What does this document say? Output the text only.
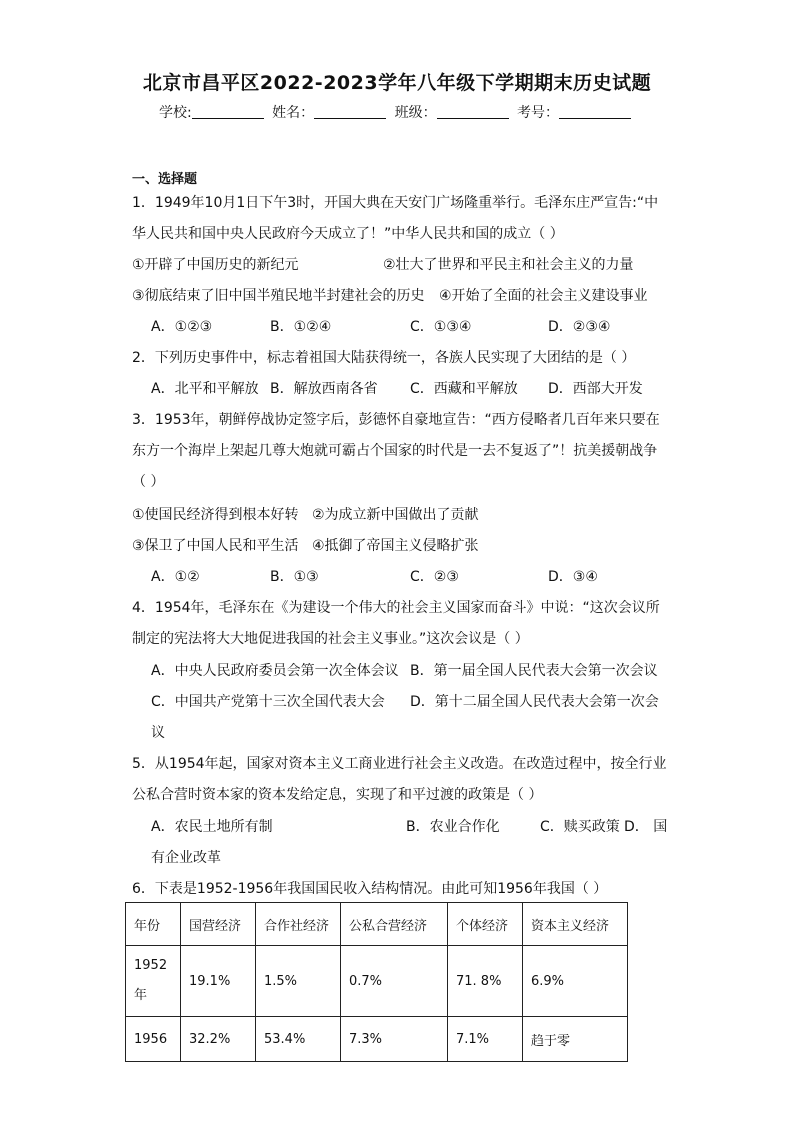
北京市昌平区2022-2023学年八年级下学期期末历史试题
学校:	姓名：	班级：	考号：
一、选择题
1．1949年10月1日下午3时，开国大典在天安门广场隆重举行。毛泽东庄严宣告:“中
华人民共和国中央人民政府今天成立了！”中华人民共和国的成立（ ）
①开辟了中国历史的新纪元	②壮大了世界和平民主和社会主义的力量
③彻底结束了旧中国半殖民地半封建社会的历史 ④开始了全面的社会主义建设事业
A．①②③	B．①②④	C．①③④	D．②③④
2．下列历史事件中，标志着祖国大陆获得统一，各族人民实现了大团结的是（ ）
A．北平和平解放 B．解放西南各省 C．西藏和平解放 D．西部大开发
3．1953年，朝鲜停战协定签字后，彭德怀自豪地宣告：“西方侵略者几百年来只要在
东方一个海岸上架起几尊大炮就可霸占个国家的时代是一去不复返了”！抗美援朝战争
（ ）
①使国民经济得到根本好转 ②为成立新中国做出了贡献
③保卫了中国人民和平生活 ④抵御了帝国主义侵略扩张
A．①②	B．①③	C．②③	D．③④
4．1954年，毛泽东在《为建设一个伟大的社会主义国家而奋斗》中说：“这次会议所
制定的宪法将大大地促进我国的社会主义事业。”这次会议是（ ）
A．中央人民政府委员会第一次全体会议 B．第一届全国人民代表大会第一次会议
C．中国共产党第十三次全国代表大会 D．第十二届全国人民代表大会第一次会
议
5．从1954年起，国家对资本主义工商业进行社会主义改造。在改造过程中，按全行业
公私合营时资本家的资本发给定息，实现了和平过渡的政策是（ ）
A．农民土地所有制	B．农业合作化	C．赎买政策 D． 国
有企业改革
6．下表是1952-1956年我国国民收入结构情况。由此可知1956年我国（ ）
年份	国营经济	合作社经济	公私合营经济	个体经济	资本主义经济
1952年	19.1%	1.5%	0.7%	71. 8%	6.9%
1956	32.2%	53.4%	7.3%	7.1%	趋于零
